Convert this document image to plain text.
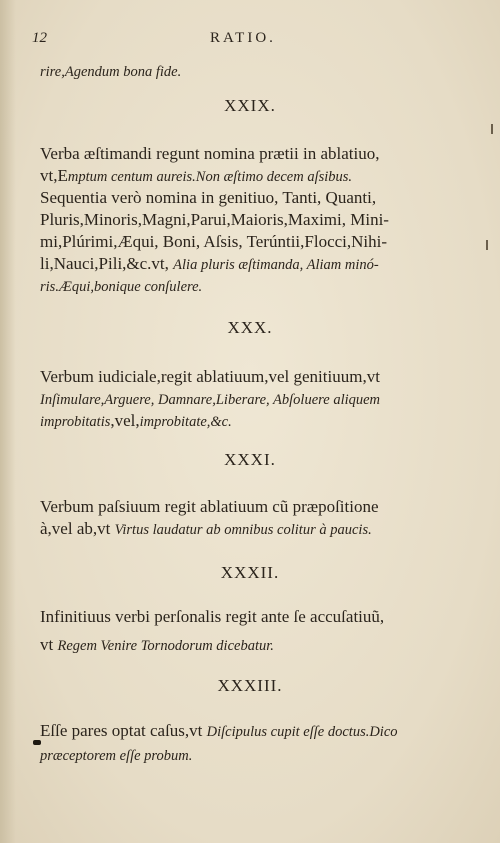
12	RATIO.
rire,Agendum bona fide.
Verba æſtimandi regunt nomina prætii in ablatiuo,
vt,Emptum centum aureis.Non æſtimo decem aſsibus.
Sequentia verò nomina in genitiuo, Tanti, Quanti,
Pluris,Minoris,Magni,Parui,Maioris,Maximi, Mini-
mi,Plúrimi,Æqui, Boni, Aſsis, Terúntii,Flocci,Nihi-
li,Nauci,Pili,&c.vt, Alia pluris æſtimanda, Aliam minó-
ris.Æqui,bonique conſulere.
Verbum iudiciale,regit ablatiuum,vel genitiuum,vt
Inſimulare,Arguere, Damnare,Liberare, Abſoluere aliquem
improbitatis,vel,improbitate,&c.
Verbum paſsiuum regit ablatiuum cũ præpoſitione
à,vel ab,vt Virtus laudatur ab omnibus colitur à paucis.
Infinitiuus verbi perſonalis regit ante ſe accuſatiuũ,
vt Regem Venire Tornodorum dicebatur.
Eſſe pares optat caſus,vt Diſcipulus cupit eſſe doctus.Dico
præceptorem eſſe probum.
XXIX.
XXX.
XXXI.
XXXII.
XXXIII.
